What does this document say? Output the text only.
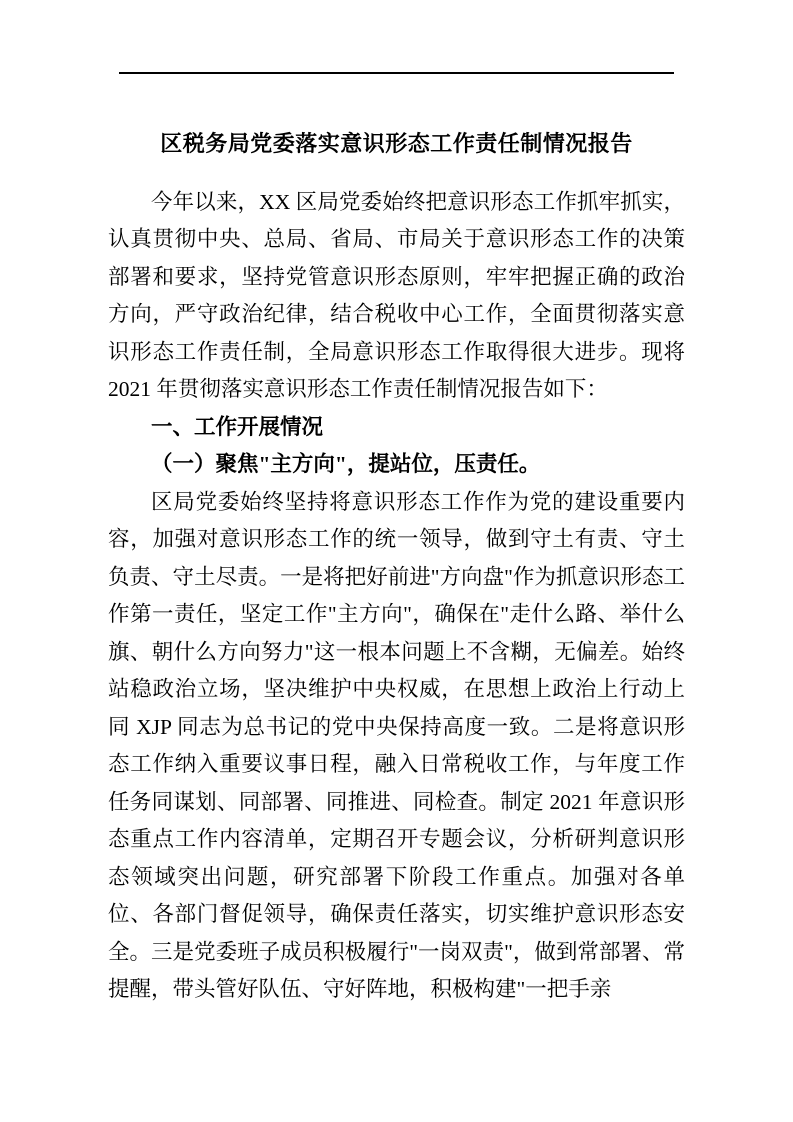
区税务局党委落实意识形态工作责任制情况报告

今年以来，XX 区局党委始终把意识形态工作抓牢抓实，认真贯彻中央、总局、省局、市局关于意识形态工作的决策部署和要求，坚持党管意识形态原则，牢牢把握正确的政治方向，严守政治纪律，结合税收中心工作，全面贯彻落实意识形态工作责任制，全局意识形态工作取得很大进步。现将 2021 年贯彻落实意识形态工作责任制情况报告如下：

一、工作开展情况
（一）聚焦"主方向"，提站位，压责任。

区局党委始终坚持将意识形态工作作为党的建设重要内容，加强对意识形态工作的统一领导，做到守土有责、守土负责、守土尽责。一是将把好前进"方向盘"作为抓意识形态工作第一责任，坚定工作"主方向"，确保在"走什么路、举什么旗、朝什么方向努力"这一根本问题上不含糊，无偏差。始终站稳政治立场，坚决维护中央权威，在思想上政治上行动上同 XJP 同志为总书记的党中央保持高度一致。二是将意识形态工作纳入重要议事日程，融入日常税收工作，与年度工作任务同谋划、同部署、同推进、同检查。制定 2021 年意识形态重点工作内容清单，定期召开专题会议，分析研判意识形态领域突出问题，研究部署下阶段工作重点。加强对各单位、各部门督促领导，确保责任落实，切实维护意识形态安全。三是党委班子成员积极履行"一岗双责"，做到常部署、常提醒，带头管好队伍、守好阵地，积极构建"一把手亲
